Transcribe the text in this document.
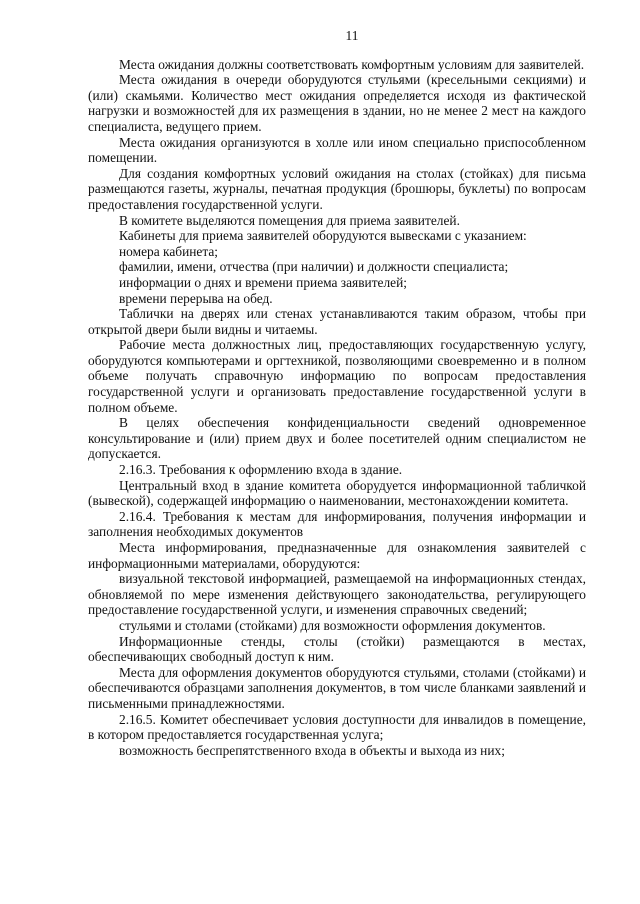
11

Места ожидания должны соответствовать комфортным условиям для заявителей.

Места ожидания в очереди оборудуются стульями (кресельными секциями) и (или) скамьями. Количество мест ожидания определяется исходя из фактической нагрузки и возможностей для их размещения в здании, но не менее 2 мест на каждого специалиста, ведущего прием.

Места ожидания организуются в холле или ином специально приспособленном помещении.

Для создания комфортных условий ожидания на столах (стойках) для письма размещаются газеты, журналы, печатная продукция (брошюры, буклеты) по вопросам предоставления государственной услуги.

В комитете выделяются помещения для приема заявителей.

Кабинеты для приема заявителей оборудуются вывесками с указанием:

номера кабинета;

фамилии, имени, отчества (при наличии) и должности специалиста;

информации о днях и времени приема заявителей;

времени перерыва на обед.

Таблички на дверях или стенах устанавливаются таким образом, чтобы при открытой двери были видны и читаемы.

Рабочие места должностных лиц, предоставляющих государственную услугу, оборудуются компьютерами и оргтехникой, позволяющими своевременно и в полном объеме получать справочную информацию по вопросам предоставления государственной услуги и организовать предоставление государственной услуги в полном объеме.

В целях обеспечения конфиденциальности сведений одновременное консультирование и (или) прием двух и более посетителей одним специалистом не допускается.

2.16.3. Требования к оформлению входа в здание.

Центральный вход в здание комитета оборудуется информационной табличкой (вывеской), содержащей информацию о наименовании, местонахождении комитета.

2.16.4. Требования к местам для информирования, получения информации и заполнения необходимых документов

Места информирования, предназначенные для ознакомления заявителей с информационными материалами, оборудуются:

визуальной текстовой информацией, размещаемой на информационных стендах, обновляемой по мере изменения действующего законодательства, регулирующего предоставление государственной услуги, и изменения справочных сведений;

стульями и столами (стойками) для возможности оформления документов.

Информационные стенды, столы (стойки) размещаются в местах, обеспечивающих свободный доступ к ним.

Места для оформления документов оборудуются стульями, столами (стойками) и обеспечиваются образцами заполнения документов, в том числе бланками заявлений и письменными принадлежностями.

2.16.5. Комитет обеспечивает условия доступности для инвалидов в помещение, в котором предоставляется государственная услуга;

возможность беспрепятственного входа в объекты и выхода из них;
